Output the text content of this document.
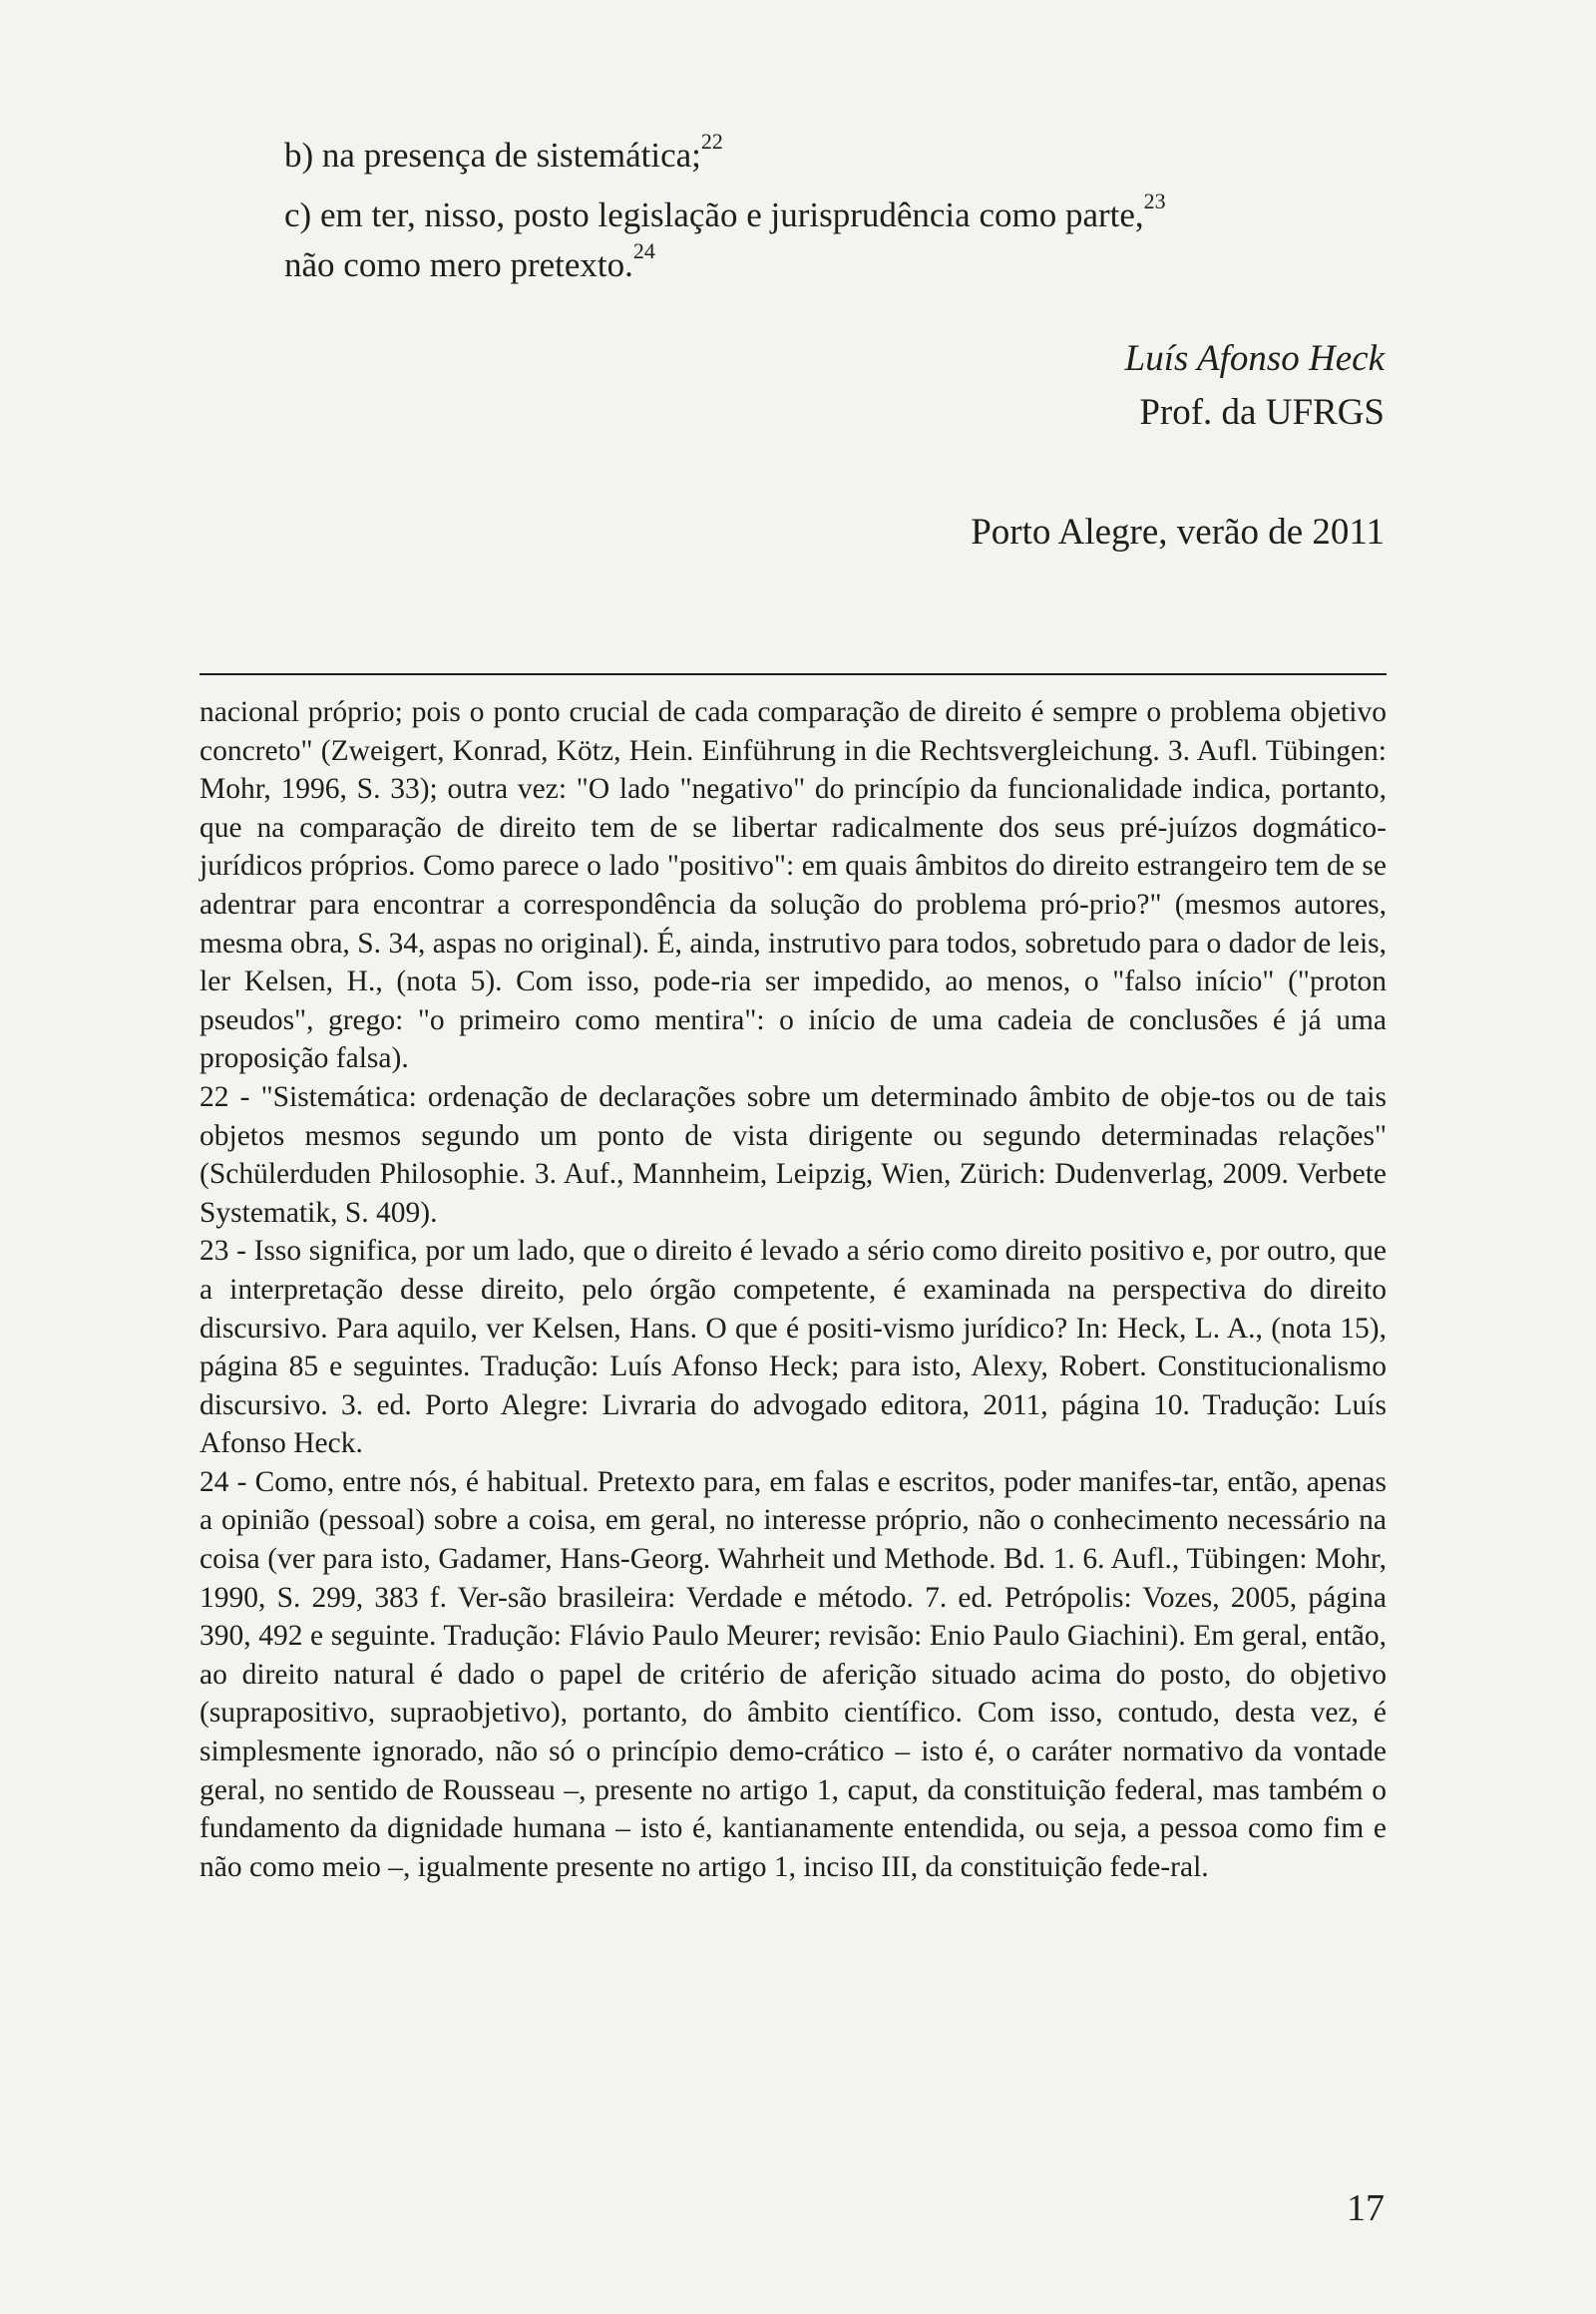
b) na presença de sistemática;$^{22}$
c) em ter, nisso, posto legislação e jurisprudência como parte,$^{23}$
não como mero pretexto.$^{24}$
Luís Afonso Heck
Prof. da UFRGS
Porto Alegre, verão de 2011

nacional próprio; pois o ponto crucial de cada comparação de direito é sempre o problema objetivo concreto" (Zweigert, Konrad, Kötz, Hein. Einführung in die Rechtsvergleichung. 3. Aufl. Tübingen: Mohr, 1996, S. 33); outra vez: "O lado "negativo" do princípio da funcionalidade indica, portanto, que na comparação de direito tem de se libertar radicalmente dos seus pré-juízos dogmático-jurídicos próprios. Como parece o lado "positivo": em quais âmbitos do direito estrangeiro tem de se adentrar para encontrar a correspondência da solução do problema pró-prio?" (mesmos autores, mesma obra, S. 34, aspas no original). É, ainda, instrutivo para todos, sobretudo para o dador de leis, ler Kelsen, H., (nota 5). Com isso, pode-ria ser impedido, ao menos, o "falso início" ("proton pseudos", grego: "o primeiro como mentira": o início de uma cadeia de conclusões é já uma proposição falsa).

22 - "Sistemática: ordenação de declarações sobre um determinado âmbito de obje-tos ou de tais objetos mesmos segundo um ponto de vista dirigente ou segundo determinadas relações" (Schülerduden Philosophie. 3. Auf., Mannheim, Leipzig, Wien, Zürich: Dudenverlag, 2009. Verbete Systematik, S. 409).

23 - Isso significa, por um lado, que o direito é levado a sério como direito positivo e, por outro, que a interpretação desse direito, pelo órgão competente, é examinada na perspectiva do direito discursivo. Para aquilo, ver Kelsen, Hans. O que é positi-vismo jurídico? In: Heck, L. A., (nota 15), página 85 e seguintes. Tradução: Luís Afonso Heck; para isto, Alexy, Robert. Constitucionalismo discursivo. 3. ed. Porto Alegre: Livraria do advogado editora, 2011, página 10. Tradução: Luís Afonso Heck.

24 - Como, entre nós, é habitual. Pretexto para, em falas e escritos, poder manifes-tar, então, apenas a opinião (pessoal) sobre a coisa, em geral, no interesse próprio, não o conhecimento necessário na coisa (ver para isto, Gadamer, Hans-Georg. Wahrheit und Methode. Bd. 1. 6. Aufl., Tübingen: Mohr, 1990, S. 299, 383 f. Ver-são brasileira: Verdade e método. 7. ed. Petrópolis: Vozes, 2005, página 390, 492 e seguinte. Tradução: Flávio Paulo Meurer; revisão: Enio Paulo Giachini). Em geral, então, ao direito natural é dado o papel de critério de aferição situado acima do posto, do objetivo (suprapositivo, supraobjetivo), portanto, do âmbito científico. Com isso, contudo, desta vez, é simplesmente ignorado, não só o princípio demo-crático – isto é, o caráter normativo da vontade geral, no sentido de Rousseau –, presente no artigo 1, caput, da constituição federal, mas também o fundamento da dignidade humana – isto é, kantianamente entendida, ou seja, a pessoa como fim e não como meio –, igualmente presente no artigo 1, inciso III, da constituição fede-ral.

17
